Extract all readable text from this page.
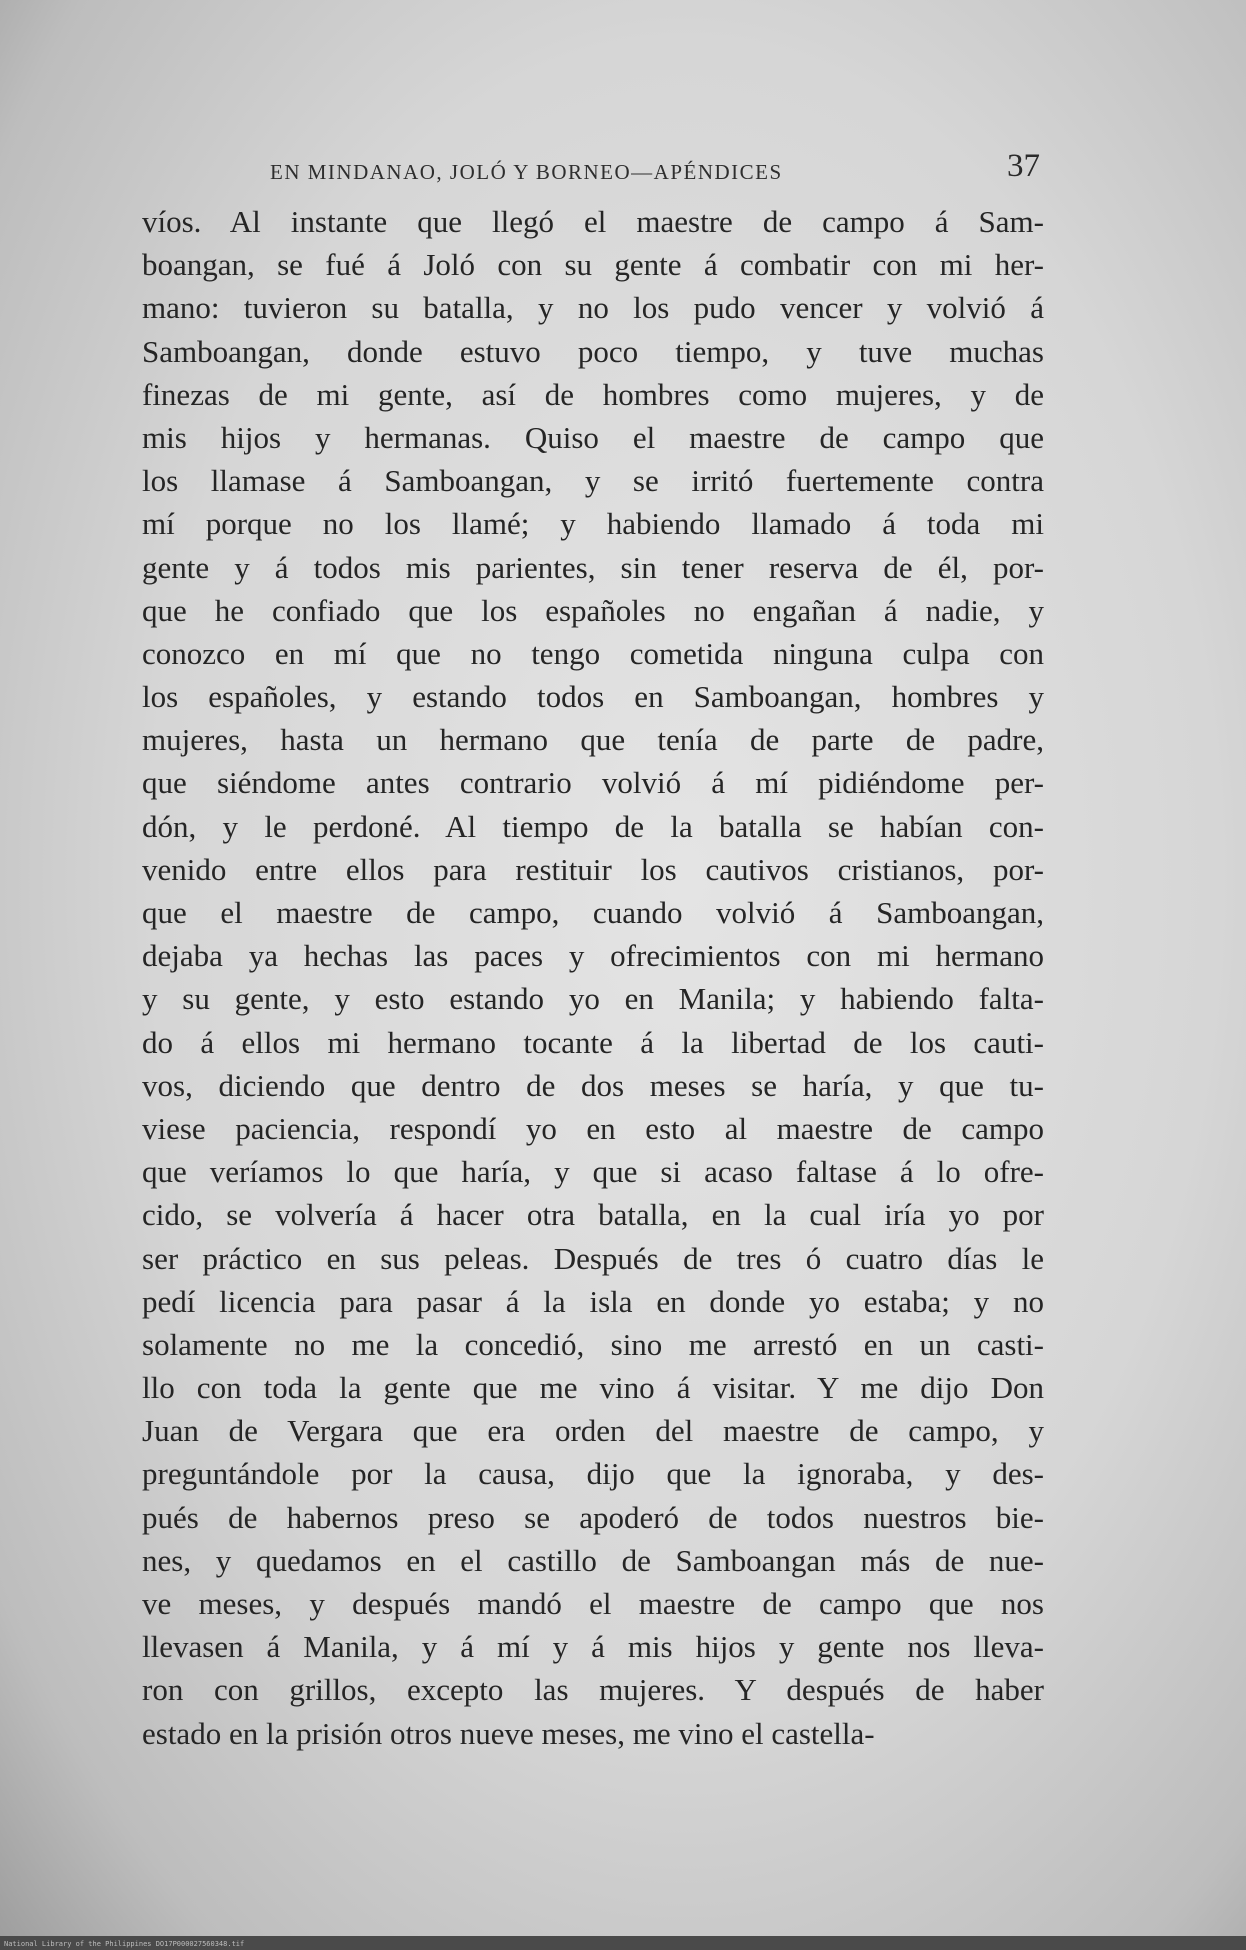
EN MINDANAO, JOLÓ Y BORNEO—APÉNDICES	37
víos. Al instante que llegó el maestre de campo á Sam-
boangan, se fué á Joló con su gente á combatir con mi her-
mano: tuvieron su batalla, y no los pudo vencer y volvió á
Samboangan, donde estuvo poco tiempo, y tuve muchas
finezas de mi gente, así de hombres como mujeres, y de
mis hijos y hermanas. Quiso el maestre de campo que
los llamase á Samboangan, y se irritó fuertemente contra
mí porque no los llamé; y habiendo llamado á toda mi
gente y á todos mis parientes, sin tener reserva de él, por-
que he confiado que los españoles no engañan á nadie, y
conozco en mí que no tengo cometida ninguna culpa con
los españoles, y estando todos en Samboangan, hombres y
mujeres, hasta un hermano que tenía de parte de padre,
que siéndome antes contrario volvió á mí pidiéndome per-
dón, y le perdoné. Al tiempo de la batalla se habían con-
venido entre ellos para restituir los cautivos cristianos, por-
que el maestre de campo, cuando volvió á Samboangan,
dejaba ya hechas las paces y ofrecimientos con mi hermano
y su gente, y esto estando yo en Manila; y habiendo falta-
do á ellos mi hermano tocante á la libertad de los cauti-
vos, diciendo que dentro de dos meses se haría, y que tu-
viese paciencia, respondí yo en esto al maestre de campo
que veríamos lo que haría, y que si acaso faltase á lo ofre-
cido, se volvería á hacer otra batalla, en la cual iría yo por
ser práctico en sus peleas. Después de tres ó cuatro días le
pedí licencia para pasar á la isla en donde yo estaba; y no
solamente no me la concedió, sino me arrestó en un casti-
llo con toda la gente que me vino á visitar. Y me dijo Don
Juan de Vergara que era orden del maestre de campo, y
preguntándole por la causa, dijo que la ignoraba, y des-
pués de habernos preso se apoderó de todos nuestros bie-
nes, y quedamos en el castillo de Samboangan más de nue-
ve meses, y después mandó el maestre de campo que nos
llevasen á Manila, y á mí y á mis hijos y gente nos lleva-
ron con grillos, excepto las mujeres. Y después de haber
estado en la prisión otros nueve meses, me vino el castella-
National Library of the Philippines DO17P000027560348.tif
